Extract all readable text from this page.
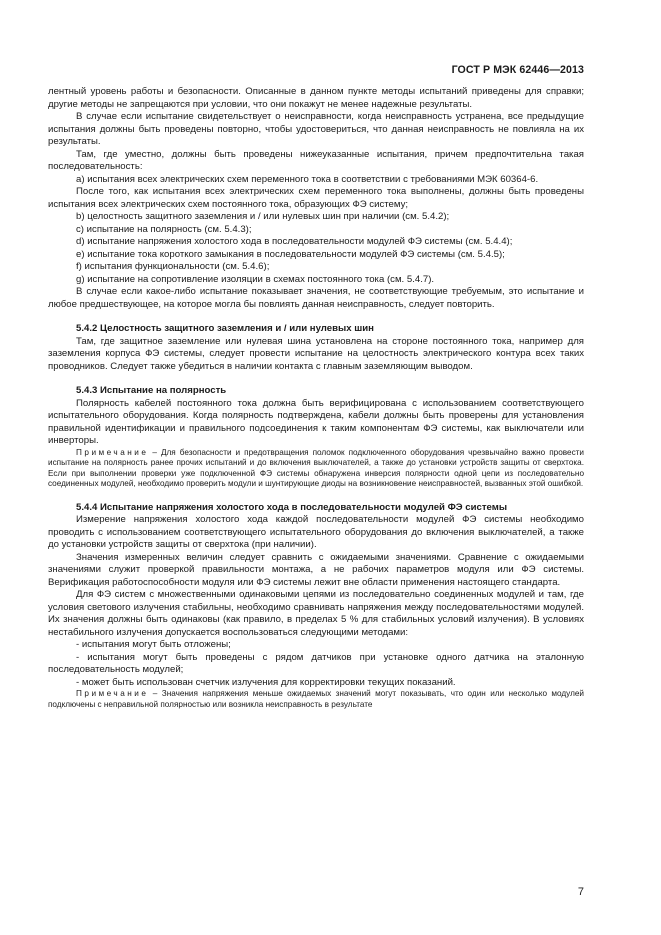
ГОСТ Р МЭК 62446—2013

лентный уровень работы и безопасности. Описанные в данном пункте методы испытаний приведены для справки; другие методы не запрещаются при условии, что они покажут не менее надежные результаты.

В случае если испытание свидетельствует о неисправности, когда неисправность устранена, все предыдущие испытания должны быть проведены повторно, чтобы удостовериться, что данная неисправность не повлияла на их результаты.

Там, где уместно, должны быть проведены нижеуказанные испытания, причем предпочтительна такая последовательность:

а) испытания всех электрических схем переменного тока в соответствии с требованиями МЭК 60364-6.

После того, как испытания всех электрических схем переменного тока выполнены, должны быть проведены испытания всех электрических схем постоянного тока, образующих ФЭ систему;

b) целостность защитного заземления и / или нулевых шин при наличии (см. 5.4.2);

c) испытание на полярность (см. 5.4.3);

d) испытание напряжения холостого хода в последовательности модулей ФЭ системы (см. 5.4.4);

e) испытание тока короткого замыкания в последовательности модулей ФЭ системы (см. 5.4.5);

f) испытания функциональности (см. 5.4.6);

g) испытание на сопротивление изоляции в схемах постоянного тока (см. 5.4.7).

В случае если какое-либо испытание показывает значения, не соответствующие требуемым, это испытание и любое предшествующее, на которое могла бы повлиять данная неисправность, следует повторить.

5.4.2 Целостность защитного заземления и / или нулевых шин

Там, где защитное заземление или нулевая шина установлена на стороне постоянного тока, например для заземления корпуса ФЭ системы, следует провести испытание на целостность электрического контура всех таких проводников. Следует также убедиться в наличии контакта с главным заземляющим выводом.

5.4.3 Испытание на полярность

Полярность кабелей постоянного тока должна быть верифицирована с использованием соответствующего испытательного оборудования. Когда полярность подтверждена, кабели должны быть проверены для установления правильной идентификации и правильного подсоединения к таким компонентам ФЭ системы, как выключатели или инверторы.

Примечание – Для безопасности и предотвращения поломок подключенного оборудования чрезвычайно важно провести испытание на полярность ранее прочих испытаний и до включения выключателей, а также до установки устройств защиты от сверхтока. Если при выполнении проверки уже подключенной ФЭ системы обнаружена инверсия полярности одной цепи из последовательно соединенных модулей, необходимо проверить модули и шунтирующие диоды на возникновение неисправностей, вызванных этой ошибкой.

5.4.4 Испытание напряжения холостого хода в последовательности модулей ФЭ системы

Измерение напряжения холостого хода каждой последовательности модулей ФЭ системы необходимо проводить с использованием соответствующего испытательного оборудования до включения выключателей, а также до установки устройств защиты от сверхтока (при наличии).

Значения измеренных величин следует сравнить с ожидаемыми значениями. Сравнение с ожидаемыми значениями служит проверкой правильности монтажа, а не рабочих параметров модуля или ФЭ системы. Верификация работоспособности модуля или ФЭ системы лежит вне области применения настоящего стандарта.

Для ФЭ систем с множественными одинаковыми цепями из последовательно соединенных модулей и там, где условия светового излучения стабильны, необходимо сравнивать напряжения между последовательностями модулей. Их значения должны быть одинаковы (как правило, в пределах 5 % для стабильных условий излучения). В условиях нестабильного излучения допускается воспользоваться следующими методами:

- испытания могут быть отложены;

- испытания могут быть проведены с рядом датчиков при установке одного датчика на эталонную последовательность модулей;

- может быть использован счетчик излучения для корректировки текущих показаний.

Примечание – Значения напряжения меньше ожидаемых значений могут показывать, что один или несколько модулей подключены с неправильной полярностью или возникла неисправность в результате

7
